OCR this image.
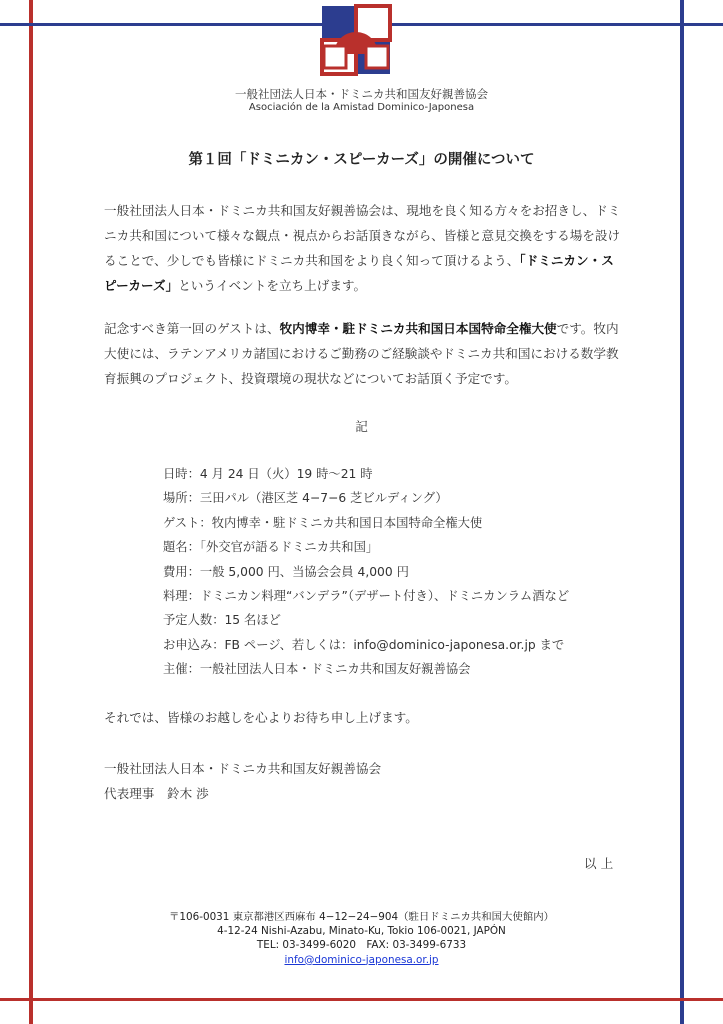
一般社団法人日本・ドミニカ共和国友好親善協会
Asociación de la Amistad Dominico-Japonesa
第１回「ドミニカン・スピーカーズ」の開催について

一般社団法人日本・ドミニカ共和国友好親善協会は、現地を良く知る方々をお招きし、ドミニカ共和国について様々な観点・視点からお話頂きながら、皆様と意見交換をする場を設けることで、少しでも皆様にドミニカ共和国をより良く知って頂けるよう、「ドミニカン・スピーカーズ」というイベントを立ち上げます。

記念すべき第一回のゲストは、牧内博幸・駐ドミニカ共和国日本国特命全権大使です。牧内大使には、ラテンアメリカ諸国におけるご勤務のご経験談やドミニカ共和国における数学教育振興のプロジェクト、投資環境の現状などについてお話頂く予定です。

記
日時：4 月 24 日（火）19 時～21 時
場所：三田パル（港区芝 4−7−6 芝ビルディング）
ゲスト：牧内博幸・駐ドミニカ共和国日本国特命全権大使
題名：「外交官が語るドミニカ共和国」
費用：一般 5,000 円、当協会会員 4,000 円
料理：ドミニカン料理“バンデラ”（デザート付き）、ドミニカンラム酒など
予定人数：15 名ほど
お申込み：FB ページ、若しくは：info@dominico-japonesa.or.jp まで
主催：一般社団法人日本・ドミニカ共和国友好親善協会
それでは、皆様のお越しを心よりお待ち申し上げます。
一般社団法人日本・ドミニカ共和国友好親善協会
代表理事　鈴木 渉
以 上
〒106-0031 東京都港区西麻布 4−12−24−904（駐日ドミニカ共和国大使館内）
4-12-24 Nishi-Azabu, Minato-Ku, Tokio 106-0021, JAPÓN
TEL: 03-3499-6020　FAX: 03-3499-6733
info@dominico-japonesa.or.jp
